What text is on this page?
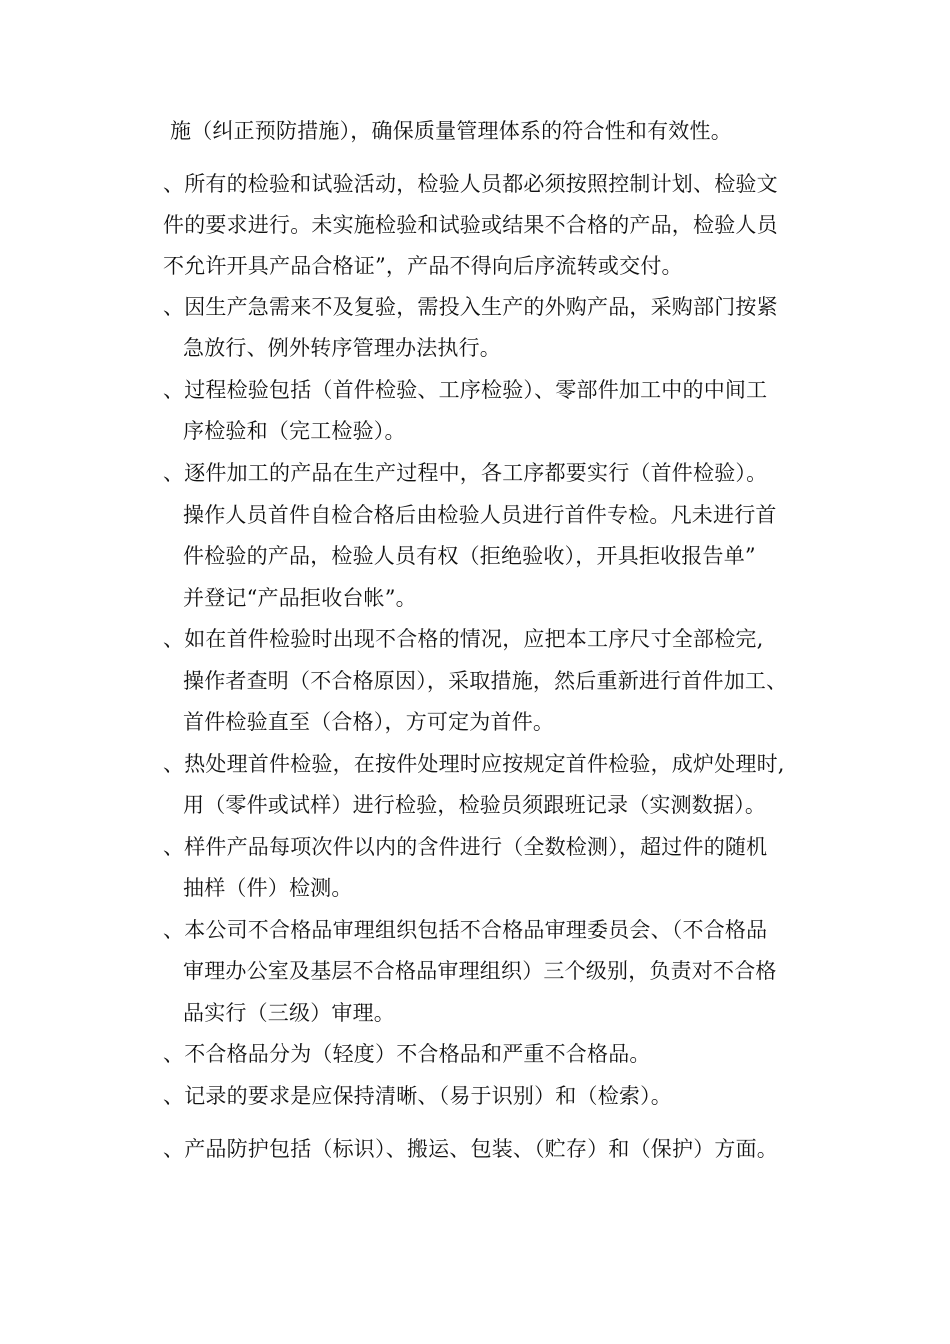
施（纠正预防措施），确保质量管理体系的符合性和有效性。
、所有的检验和试验活动，检验人员都必须按照控制计划、检验文
件的要求进行。未实施检验和试验或结果不合格的产品，检验人员
不允许开具产品合格证”，产品不得向后序流转或交付。
、因生产急需来不及复验，需投入生产的外购产品，采购部门按紧
急放行、例外转序管理办法执行。
、过程检验包括（首件检验、工序检验）、零部件加工中的中间工
序检验和（完工检验）。
、逐件加工的产品在生产过程中，各工序都要实行（首件检验）。
操作人员首件自检合格后由检验人员进行首件专检。凡未进行首
件检验的产品，检验人员有权（拒绝验收），开具拒收报告单”
并登记“产品拒收台帐”。
、如在首件检验时出现不合格的情况，应把本工序尺寸全部检完,
操作者查明（不合格原因），采取措施，然后重新进行首件加工、
首件检验直至（合格），方可定为首件。
、热处理首件检验，在按件处理时应按规定首件检验，成炉处理时,
用（零件或试样）进行检验，检验员须跟班记录（实测数据）。
、样件产品每项次件以内的含件进行（全数检测），超过件的随机
抽样（件）检测。
、本公司不合格品审理组织包括不合格品审理委员会、（不合格品
审理办公室及基层不合格品审理组织）三个级别，负责对不合格
品实行（三级）审理。
、不合格品分为（轻度）不合格品和严重不合格品。
、记录的要求是应保持清晰、（易于识别）和（检索）。
、产品防护包括（标识）、搬运、包装、（贮存）和（保护）方面。
